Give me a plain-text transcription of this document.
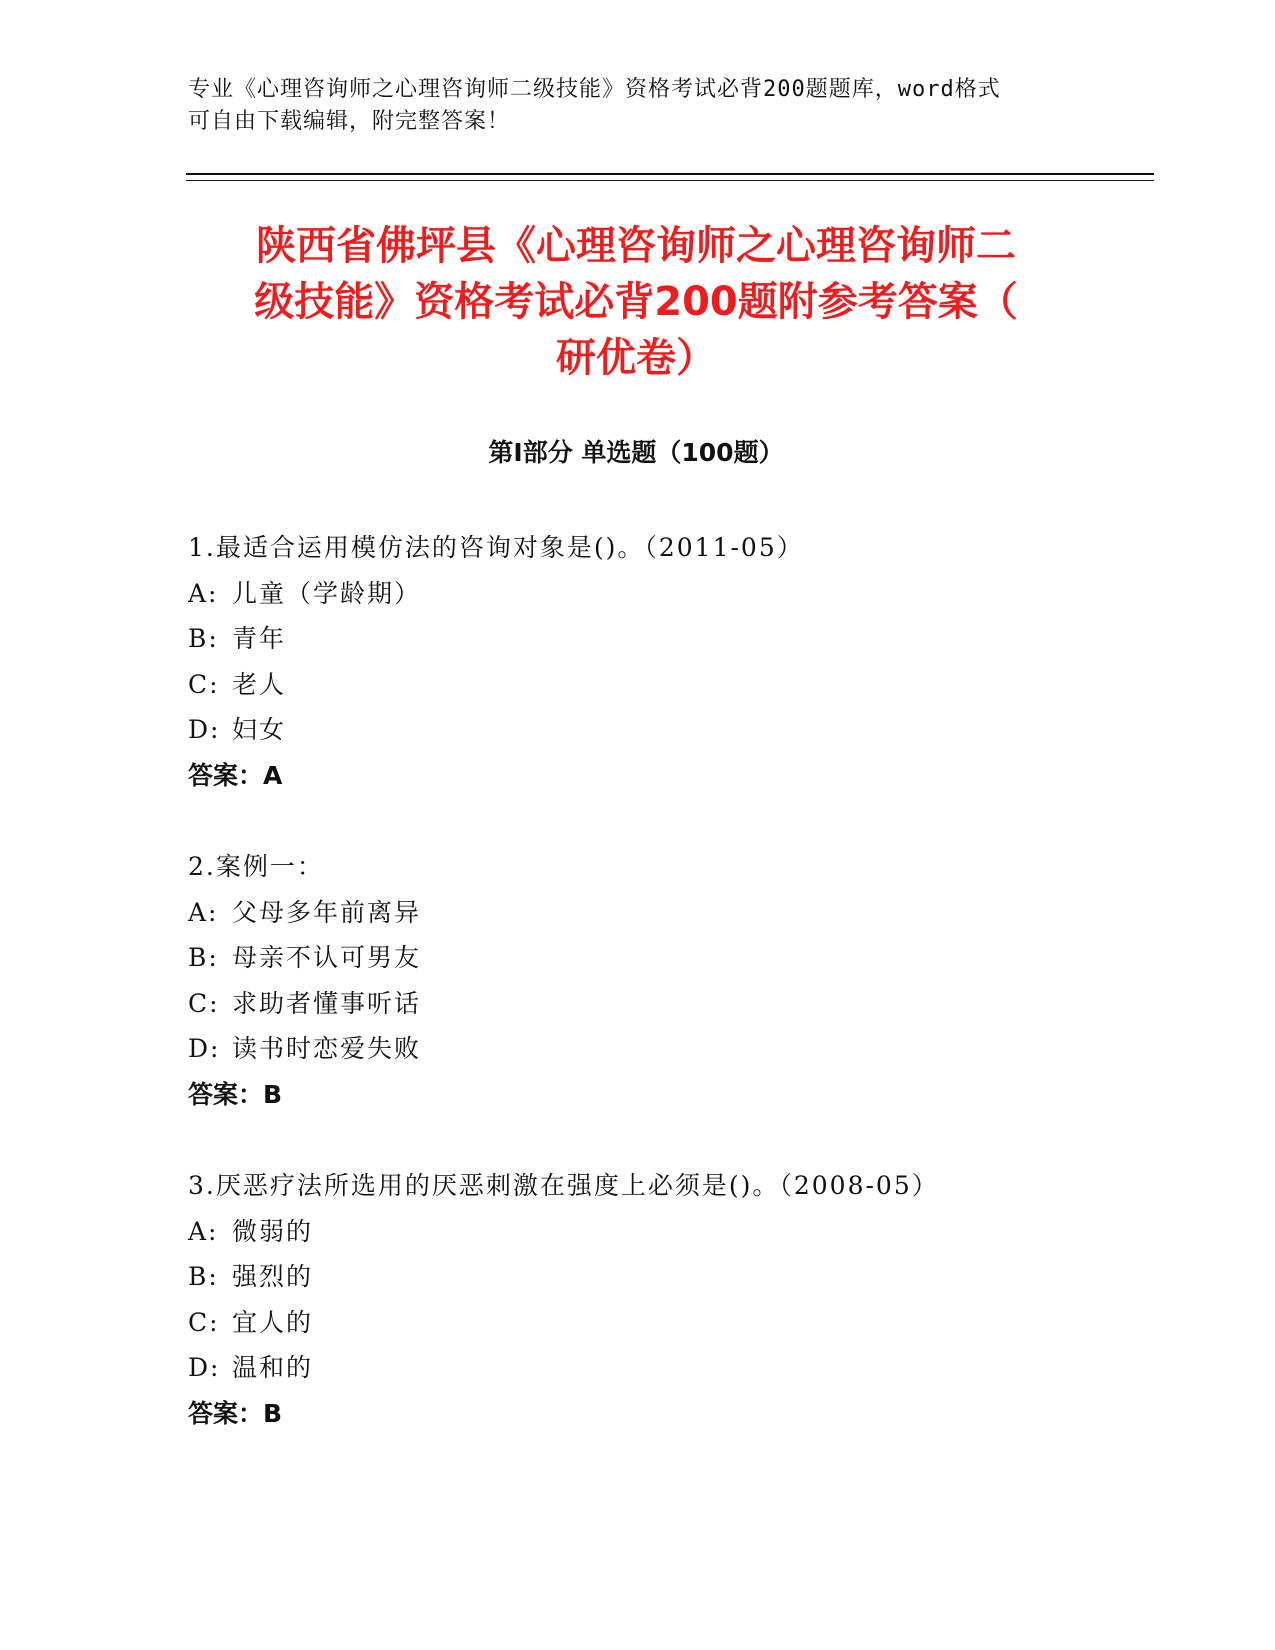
专业《心理咨询师之心理咨询师二级技能》资格考试必背200题题库，word格式
可自由下载编辑，附完整答案！
陕西省佛坪县《心理咨询师之心理咨询师二
级技能》资格考试必背200题附参考答案（
研优卷）
第Ⅰ部分 单选题（100题）
1.最适合运用模仿法的咨询对象是()。（2011-05）
A: 儿童（学龄期）
B: 青年
C: 老人
D: 妇女
答案：A
2.案例一：
A: 父母多年前离异
B: 母亲不认可男友
C: 求助者懂事听话
D: 读书时恋爱失败
答案：B
3.厌恶疗法所选用的厌恶刺激在强度上必须是()。（2008-05）
A: 微弱的
B: 强烈的
C: 宜人的
D: 温和的
答案：B
